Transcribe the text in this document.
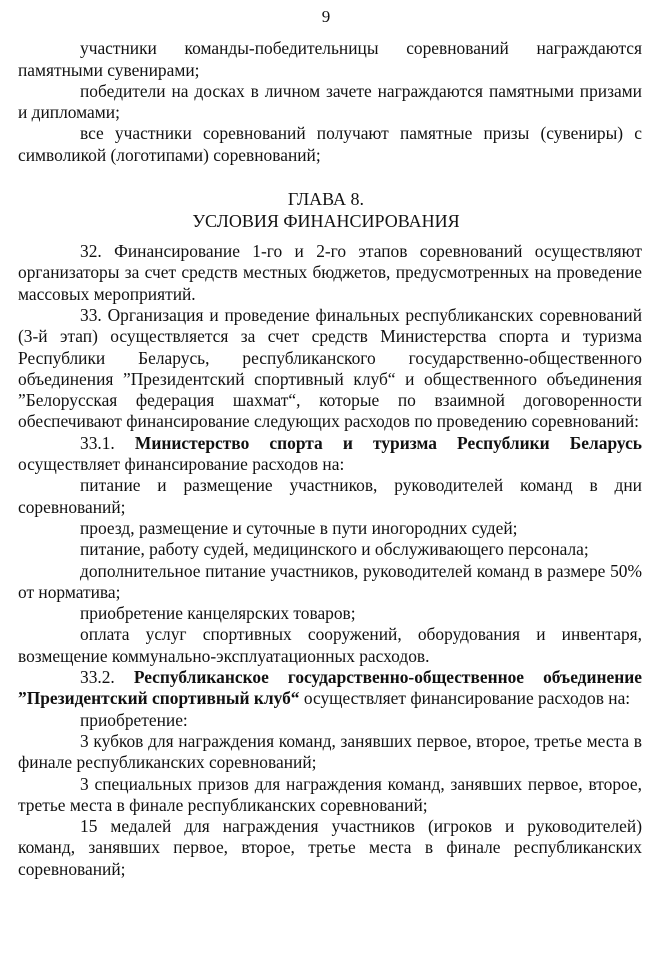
9

участники команды-победительницы соревнований награждаются памятными сувенирами;

победители на досках в личном зачете награждаются памятными призами и дипломами;

все участники соревнований получают памятные призы (сувениры) с символикой (логотипами) соревнований;

ГЛАВА 8.
УСЛОВИЯ ФИНАНСИРОВАНИЯ

32. Финансирование 1-го и 2-го этапов соревнований осуществляют организаторы за счет средств местных бюджетов, предусмотренных на проведение массовых мероприятий.

33. Организация и проведение финальных республиканских соревнований (3-й этап) осуществляется за счет средств Министерства спорта и туризма Республики Беларусь, республиканского государственно-общественного объединения ”Президентский спортивный клуб“ и общественного объединения ”Белорусская федерация шахмат“, которые по взаимной договоренности обеспечивают финансирование следующих расходов по проведению соревнований:

33.1. Министерство спорта и туризма Республики Беларусь осуществляет финансирование расходов на:

питание и размещение участников, руководителей команд в дни соревнований;

проезд, размещение и суточные в пути иногородних судей;

питание, работу судей, медицинского и обслуживающего персонала;

дополнительное питание участников, руководителей команд в размере 50% от норматива;

приобретение канцелярских товаров;

оплата услуг спортивных сооружений, оборудования и инвентаря, возмещение коммунально-эксплуатационных расходов.

33.2. Республиканское государственно-общественное объединение ”Президентский спортивный клуб“ осуществляет финансирование расходов на:

приобретение:

3 кубков для награждения команд, занявших первое, второе, третье места в финале республиканских соревнований;

3 специальных призов для награждения команд, занявших первое, второе, третье места в финале республиканских соревнований;

15 медалей для награждения участников (игроков и руководителей) команд, занявших первое, второе, третье места в финале республиканских соревнований;
